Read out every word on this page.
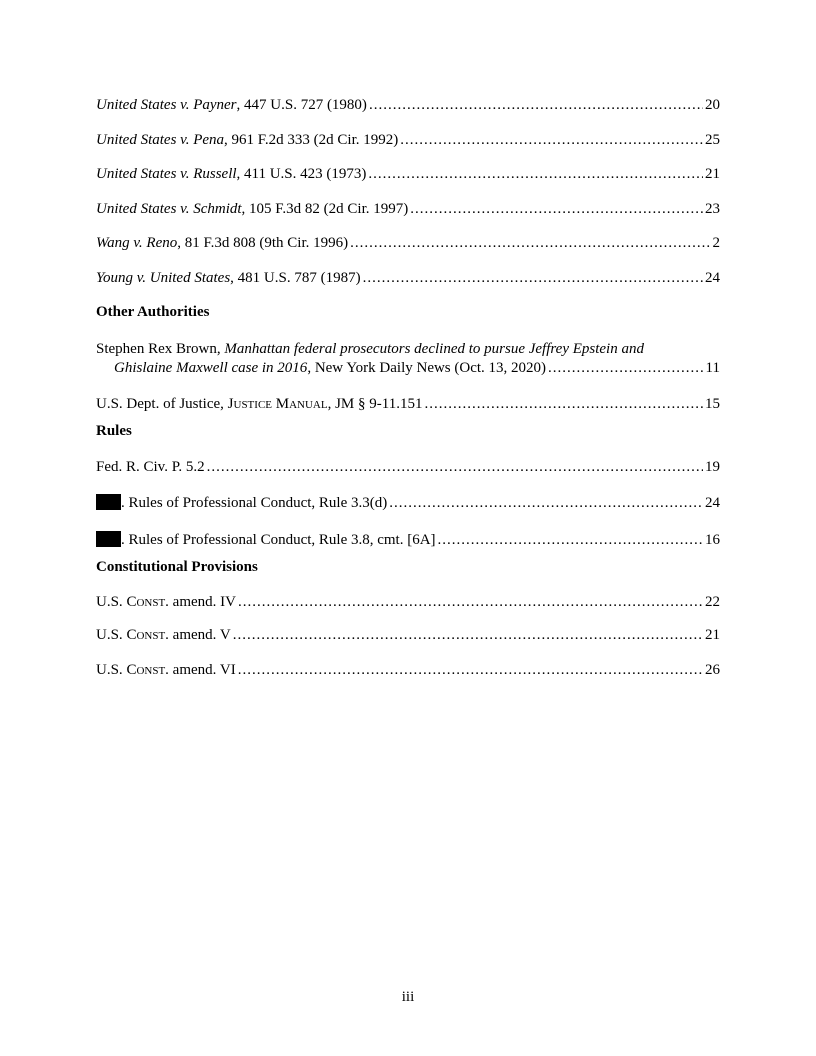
United States v. Payner, 447 U.S. 727 (1980) .....	20
United States v. Pena, 961 F.2d 333 (2d Cir. 1992) .....	25
United States v. Russell, 411 U.S. 423 (1973) .....	21
United States v. Schmidt, 105 F.3d 82 (2d Cir. 1997) .....	23
Wang v. Reno, 81 F.3d 808 (9th Cir. 1996) .....	2
Young v. United States, 481 U.S. 787 (1987) .....	24
Other Authorities
Stephen Rex Brown, Manhattan federal prosecutors declined to pursue Jeffrey Epstein and
Ghislaine Maxwell case in 2016, New York Daily News (Oct. 13, 2020) .....	11
U.S. Dept. of Justice, Justice Manual, JM § 9-11.151 .....	15
Rules
Fed. R. Civ. P. 5.2 .....	19
. Rules of Professional Conduct, Rule 3.3(d) .....	24
. Rules of Professional Conduct, Rule 3.8, cmt. [6A] .....	16
Constitutional Provisions
U.S. Const. amend. IV .....	22
U.S. Const. amend. V .....	21
U.S. Const. amend. VI .....	26
iii
